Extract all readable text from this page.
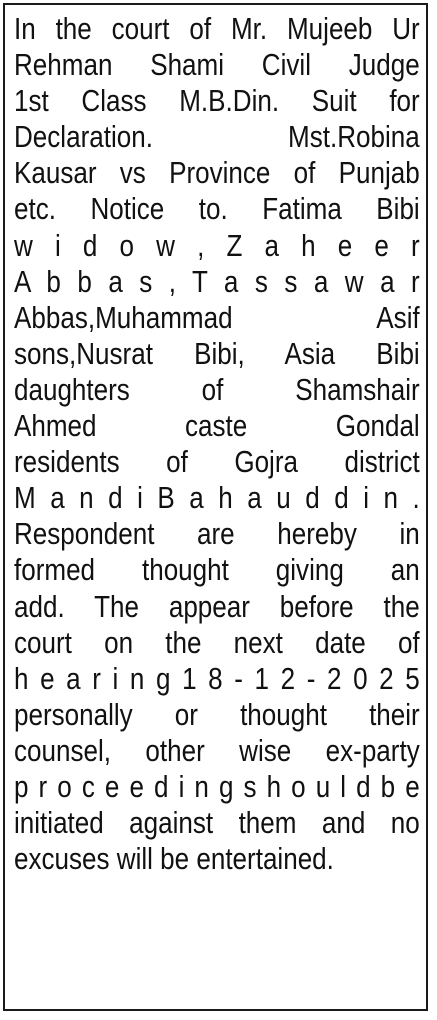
In the court of Mr. Mujeeb Ur
Rehman Shami Civil Judge
1st Class M.B.Din. Suit for
Declaration. Mst.Robina
Kausar vs Province of Punjab
etc. Notice to. Fatima Bibi
w i d o w , Z a h e e r
A b b a s , T a s s a w a r
Abbas,Muhammad Asif
sons,Nusrat Bibi, Asia Bibi
daughters of Shamshair
Ahmed caste Gondal
residents of Gojra district
M a n d i B a h a u d d i n .
Respondent are hereby in
formed thought giving an
add. The appear before the
court on the next date of
h e a r i n g 1 8 - 1 2 - 2 0 2 5
personally or thought their
counsel, other wise ex-party
p r o c e e d i n g s h o u l d b e
initiated against them and no
excuses will be entertained.
